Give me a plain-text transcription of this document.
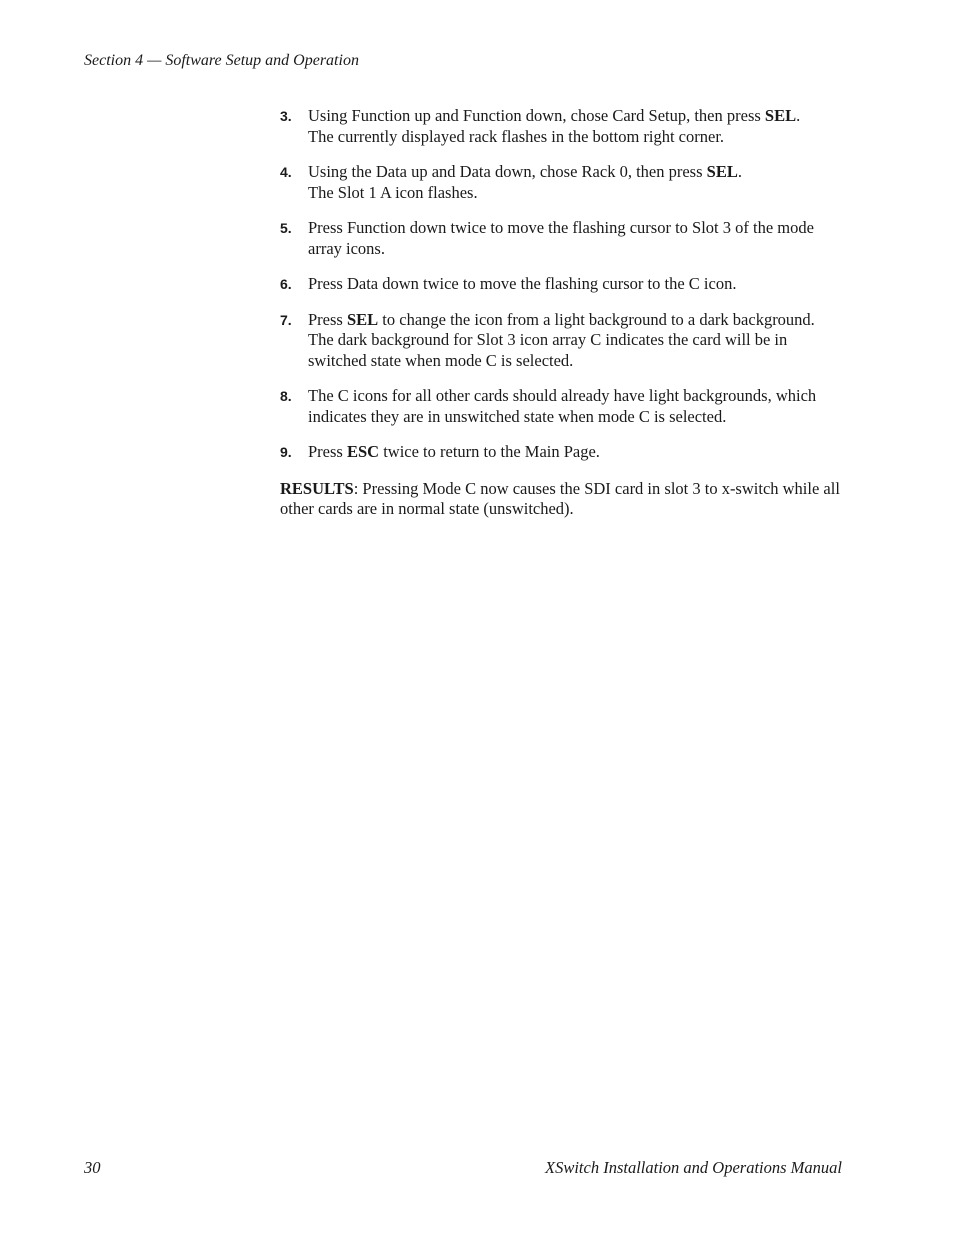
Section 4 — Software Setup and Operation
3. Using Function up and Function down, chose Card Setup, then press SEL.
The currently displayed rack flashes in the bottom right corner.
4. Using the Data up and Data down, chose Rack 0, then press SEL.
The Slot 1 A icon flashes.
5. Press Function down twice to move the flashing cursor to Slot 3 of the mode array icons.
6. Press Data down twice to move the flashing cursor to the C icon.
7. Press SEL to change the icon from a light background to a dark background.
The dark background for Slot 3 icon array C indicates the card will be in switched state when mode C is selected.
8. The C icons for all other cards should already have light backgrounds, which indicates they are in unswitched state when mode C is selected.
9. Press ESC twice to return to the Main Page.

RESULTS: Pressing Mode C now causes the SDI card in slot 3 to x-switch while all other cards are in normal state (unswitched).

30	XSwitch Installation and Operations Manual
